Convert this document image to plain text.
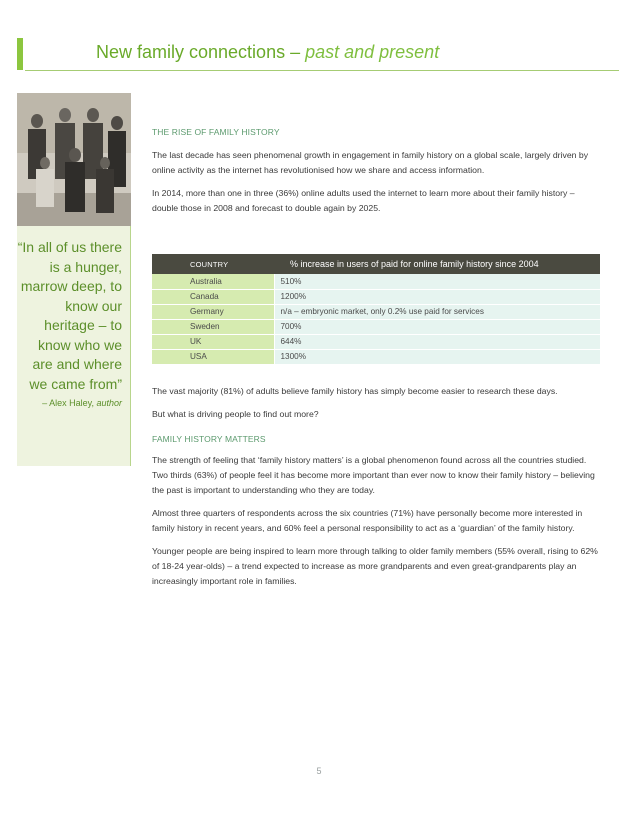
New family connections – past and present
“In all of us there is a hunger, marrow deep, to know our heritage – to know who we are and where we came from”
– Alex Haley, author
THE RISE OF FAMILY HISTORY

The last decade has seen phenomenal growth in engagement in family history on a global scale, largely driven by online activity as the internet has revolutionised how we share and access information.

In 2014, more than one in three (36%) online adults used the internet to learn more about their family history – double those in 2008 and forecast to double again by 2025.

COUNTRY	% increase in users of paid for online family history since 2004
Australia	510%
Canada	1200%
Germany	n/a – embryonic market, only 0.2% use paid for services
Sweden	700%
UK	644%
USA	1300%

The vast majority (81%) of adults believe family history has simply become easier to research these days.

But what is driving people to find out more?

FAMILY HISTORY MATTERS

The strength of feeling that ‘family history matters’ is a global phenomenon found across all the countries studied. Two thirds (63%) of people feel it has become more important than ever now to know their family history – believing the past is important to understanding who they are today.

Almost three quarters of respondents across the six countries (71%) have personally become more interested in family history in recent years, and 60% feel a personal responsibility to act as a ‘guardian’ of the family history.

Younger people are being inspired to learn more through talking to older family members (55% overall, rising to 62% of 18-24 year-olds) – a trend expected to increase as more grandparents and even great-grandparents play an increasingly important role in families.

5
